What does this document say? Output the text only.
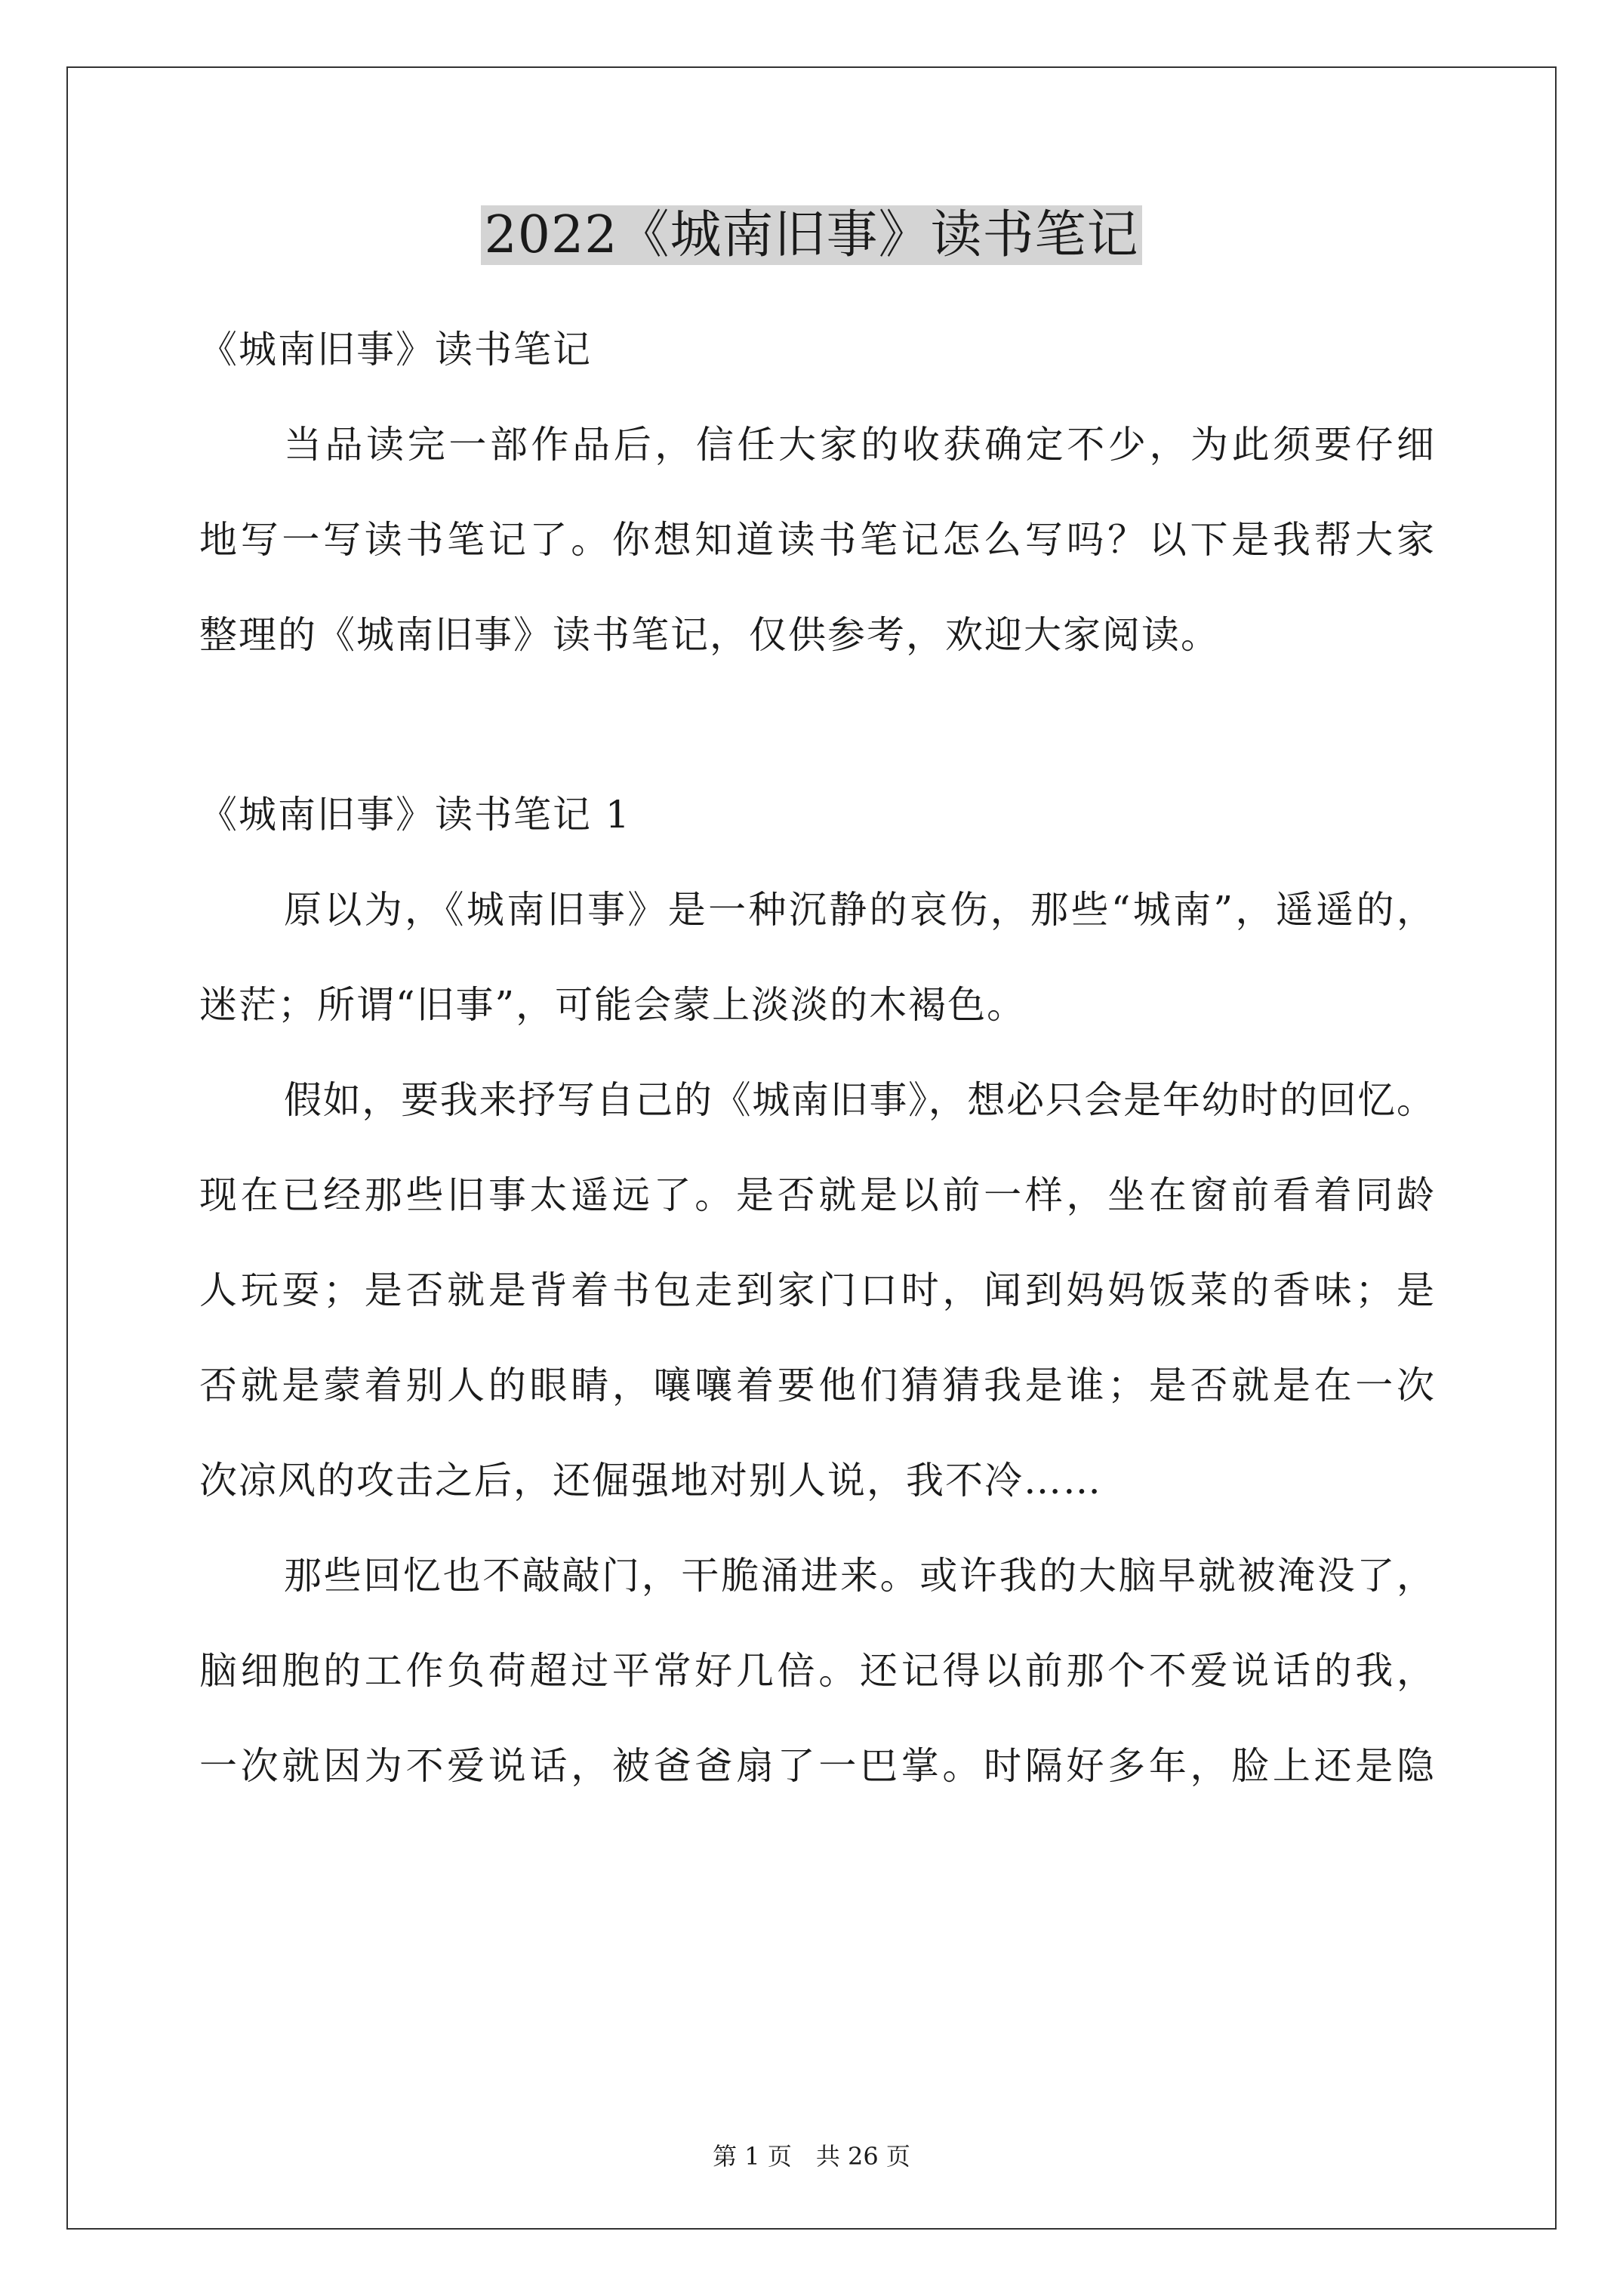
2022《城南旧事》读书笔记
《城南旧事》读书笔记
当品读完一部作品后，信任大家的收获确定不少，为此须要仔细
地写一写读书笔记了。你想知道读书笔记怎么写吗？以下是我帮大家
整理的《城南旧事》读书笔记，仅供参考，欢迎大家阅读。
《城南旧事》读书笔记 1
原以为，《城南旧事》是一种沉静的哀伤，那些“城南”，遥遥的，
迷茫；所谓“旧事”，可能会蒙上淡淡的木褐色。
假如，要我来抒写自己的《城南旧事》，想必只会是年幼时的回忆。
现在已经那些旧事太遥远了。是否就是以前一样，坐在窗前看着同龄
人玩耍；是否就是背着书包走到家门口时，闻到妈妈饭菜的香味；是
否就是蒙着别人的眼睛，嚷嚷着要他们猜猜我是谁；是否就是在一次
次凉风的攻击之后，还倔强地对别人说，我不冷……
那些回忆也不敲敲门，干脆涌进来。或许我的大脑早就被淹没了，
脑细胞的工作负荷超过平常好几倍。还记得以前那个不爱说话的我，
一次就因为不爱说话，被爸爸扇了一巴掌。时隔好多年，脸上还是隐
第 1 页　共 26 页
